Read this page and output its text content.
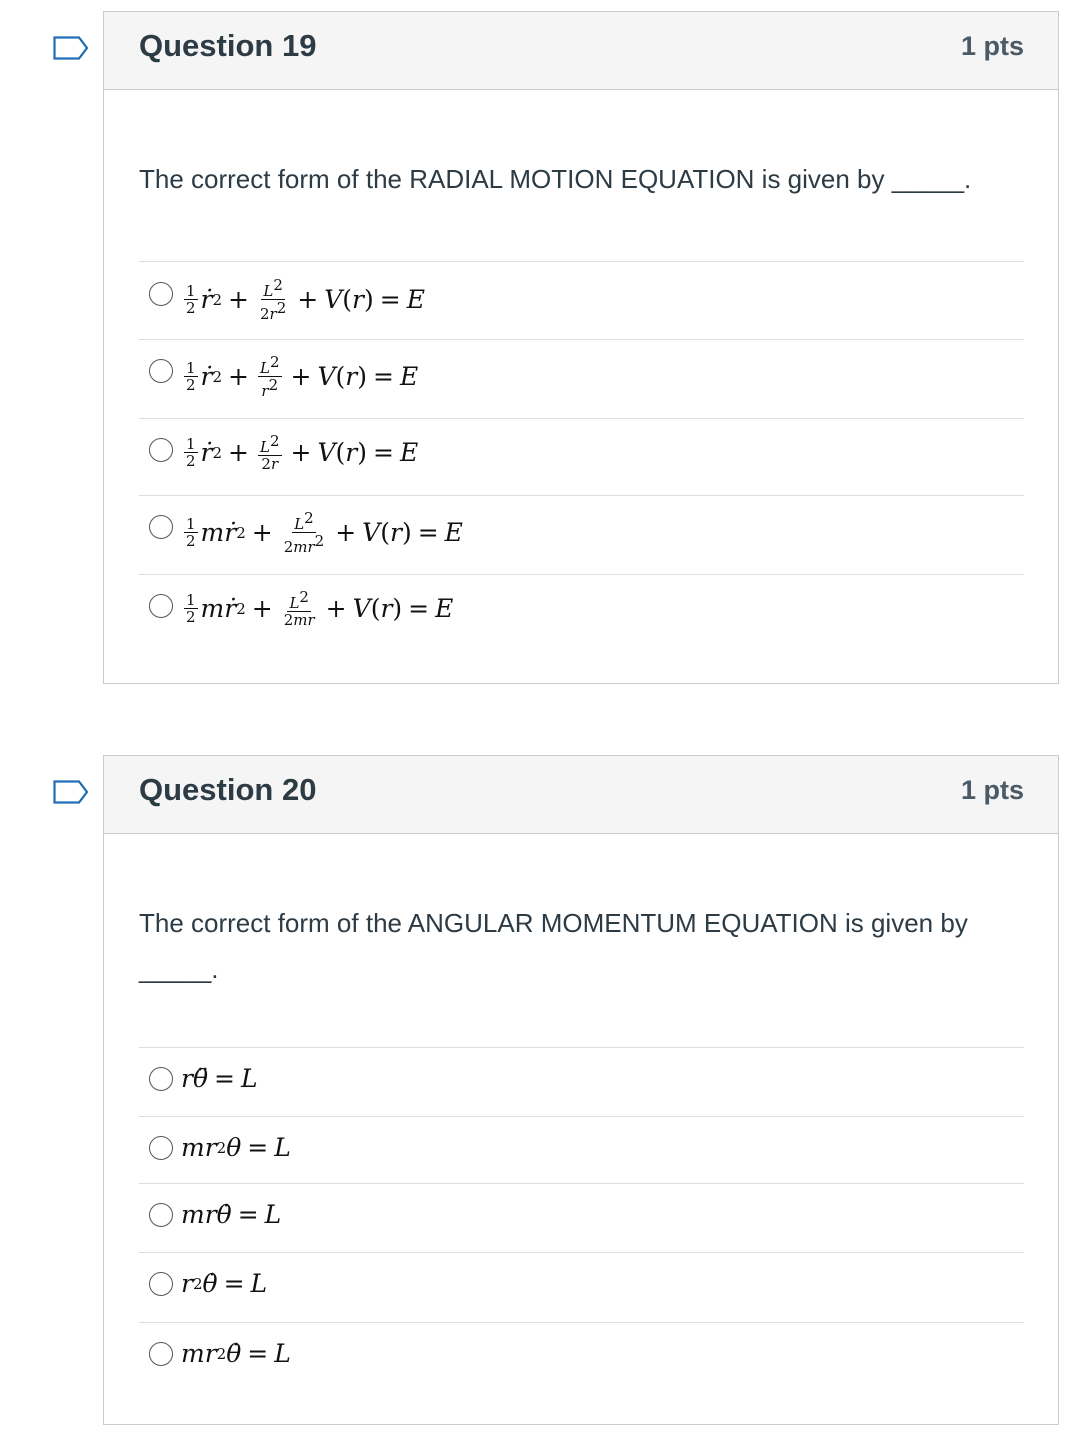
Question 19	1 pts
The correct form of the RADIAL MOTION EQUATION is given by _____.
$\frac{1}{2}$ ṙ $2 + \frac{L^2}{2r^2} + V$ ( r ) = E
$\frac{1}{2}$ ṙ $2 + \frac{L^2}{r^2} + V$ ( r ) = E
$\frac{1}{2}$ ṙ $2 + \frac{L^2}{2r} + V$ ( r ) = E
$\frac{1}{2}$ mṙ $2 + \frac{L^2}{2mr^2} + V$ ( r ) = E
$\frac{1}{2}$ mṙ $2 + \frac{L^2}{2mr} + V$ ( r ) = E
Question 20	1 pts
The correct form of the ANGULAR MOMENTUM EQUATION is given by _____.
rθ̈ = L
mr 2 θ = L
mrθ̇ = L
r 2 θ̇ = L
mr 2 θ̇ = L
